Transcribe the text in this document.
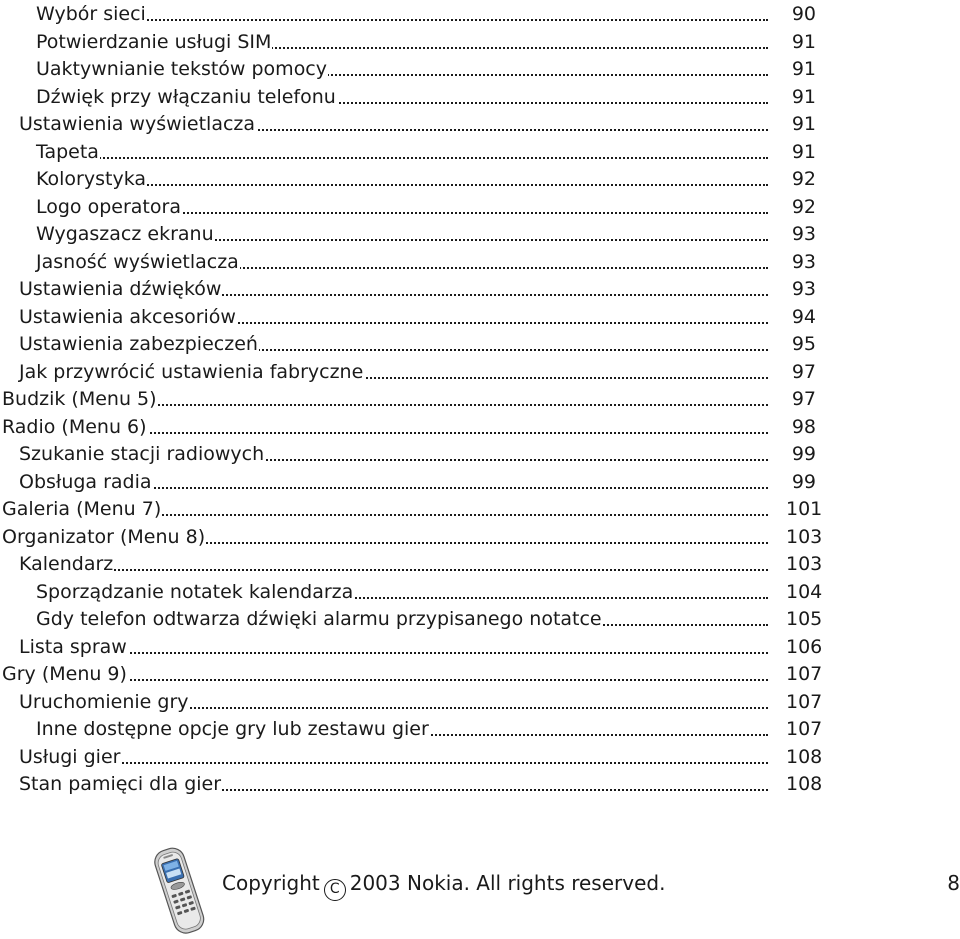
Wybór sieci	90
Potwierdzanie usługi SIM	91
Uaktywnianie tekstów pomocy	91
Dźwięk przy włączaniu telefonu	91
Ustawienia wyświetlacza	91
Tapeta	91
Kolorystyka	92
Logo operatora	92
Wygaszacz ekranu	93
Jasność wyświetlacza	93
Ustawienia dźwięków	93
Ustawienia akcesoriów	94
Ustawienia zabezpieczeń	95
Jak przywrócić ustawienia fabryczne	97
Budzik (Menu 5)	97
Radio (Menu 6)	98
Szukanie stacji radiowych	99
Obsługa radia	99
Galeria (Menu 7)	101
Organizator (Menu 8)	103
Kalendarz	103
Sporządzanie notatek kalendarza	104
Gdy telefon odtwarza dźwięki alarmu przypisanego notatce	105
Lista spraw	106
Gry (Menu 9)	107
Uruchomienie gry	107
Inne dostępne opcje gry lub zestawu gier	107
Usługi gier	108
Stan pamięci dla gier	108
Copyright C 2003 Nokia. All rights reserved.	8
